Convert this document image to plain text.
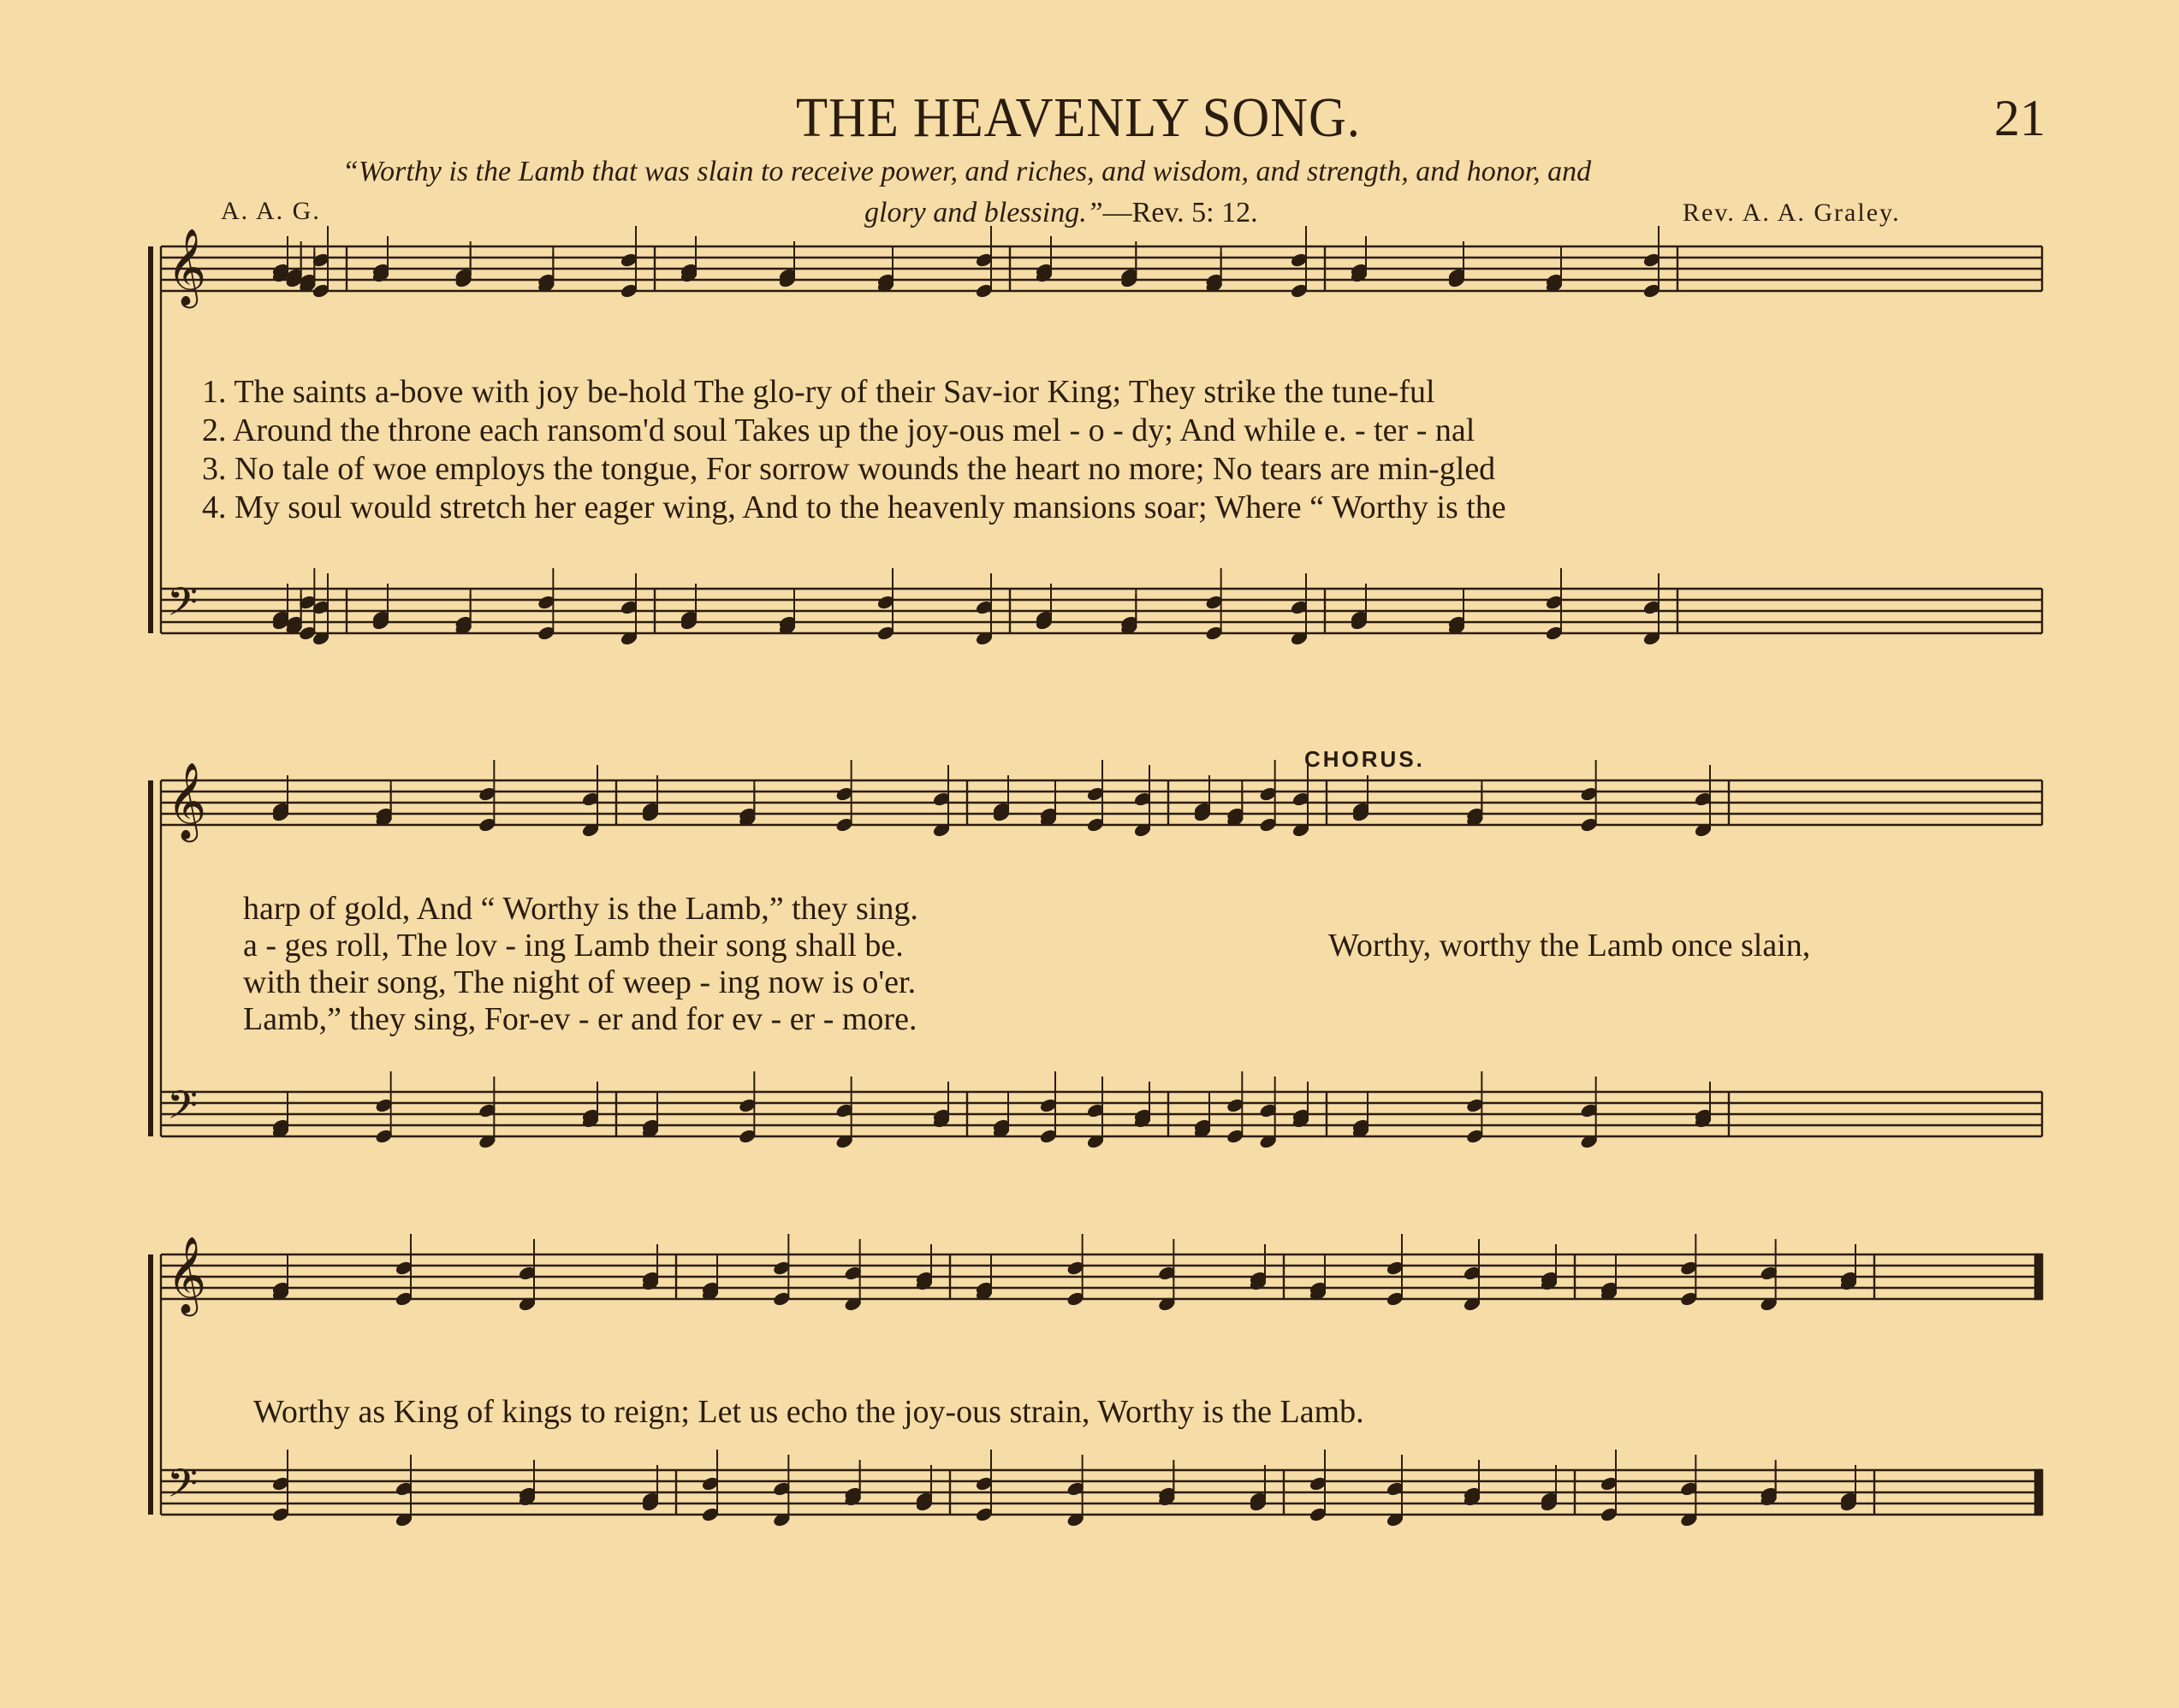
THE HEAVENLY SONG.	21
“Worthy is the Lamb that was slain to receive power, and riches, and wisdom, and strength, and honor, and
glory and blessing.”—Rev. 5: 12.
A. A. G.	Rev. A. A. Graley.
𝄞
𝄢
𝄞
𝄢
𝄞
𝄢
1. The saints a-bove with joy be-hold The glo-ry of their Sav-ior King; They strike the tune-ful
2. Around the throne each ransom'd soul Takes up the joy-ous mel - o - dy; And while e. - ter - nal
3. No tale of woe employs the tongue, For sorrow wounds the heart no more; No tears are min-gled
4. My soul would stretch her eager wing, And to the heavenly mansions soar; Where “ Worthy is the
harp of gold, And “ Worthy is the Lamb,” they sing.
a - ges roll, The lov - ing Lamb their song shall be.
with their song, The night of weep - ing now is o'er.
Lamb,” they sing, For-ev - er and for ev - er - more.
CHORUS.
Worthy, worthy the Lamb once slain,
Worthy as King of kings to reign; Let us echo the joy-ous strain, Worthy is the Lamb.
